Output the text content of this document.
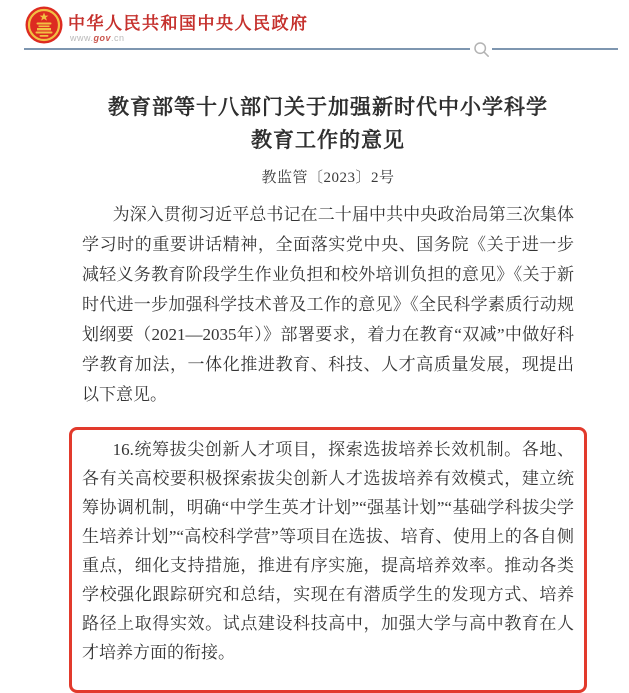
中华人民共和国中央人民政府
www.gov.cn
教育部等十八部门关于加强新时代中小学科学教育工作的意见
教监管〔2023〕2号

为深入贯彻习近平总书记在二十届中共中央政治局第三次集体学习时的重要讲话精神，全面落实党中央、国务院《关于进一步减轻义务教育阶段学生作业负担和校外培训负担的意见》《关于新时代进一步加强科学技术普及工作的意见》《全民科学素质行动规划纲要（2021—2035年）》部署要求，着力在教育“双减”中做好科学教育加法，一体化推进教育、科技、人才高质量发展，现提出以下意见。

16.统筹拔尖创新人才项目，探索选拔培养长效机制。各地、各有关高校要积极探索拔尖创新人才选拔培养有效模式，建立统筹协调机制，明确“中学生英才计划”“强基计划”“基础学科拔尖学生培养计划”“高校科学营”等项目在选拔、培育、使用上的各自侧重点，细化支持措施，推进有序实施，提高培养效率。推动各类学校强化跟踪研究和总结，实现在有潜质学生的发现方式、培养路径上取得实效。试点建设科技高中，加强大学与高中教育在人才培养方面的衔接。
